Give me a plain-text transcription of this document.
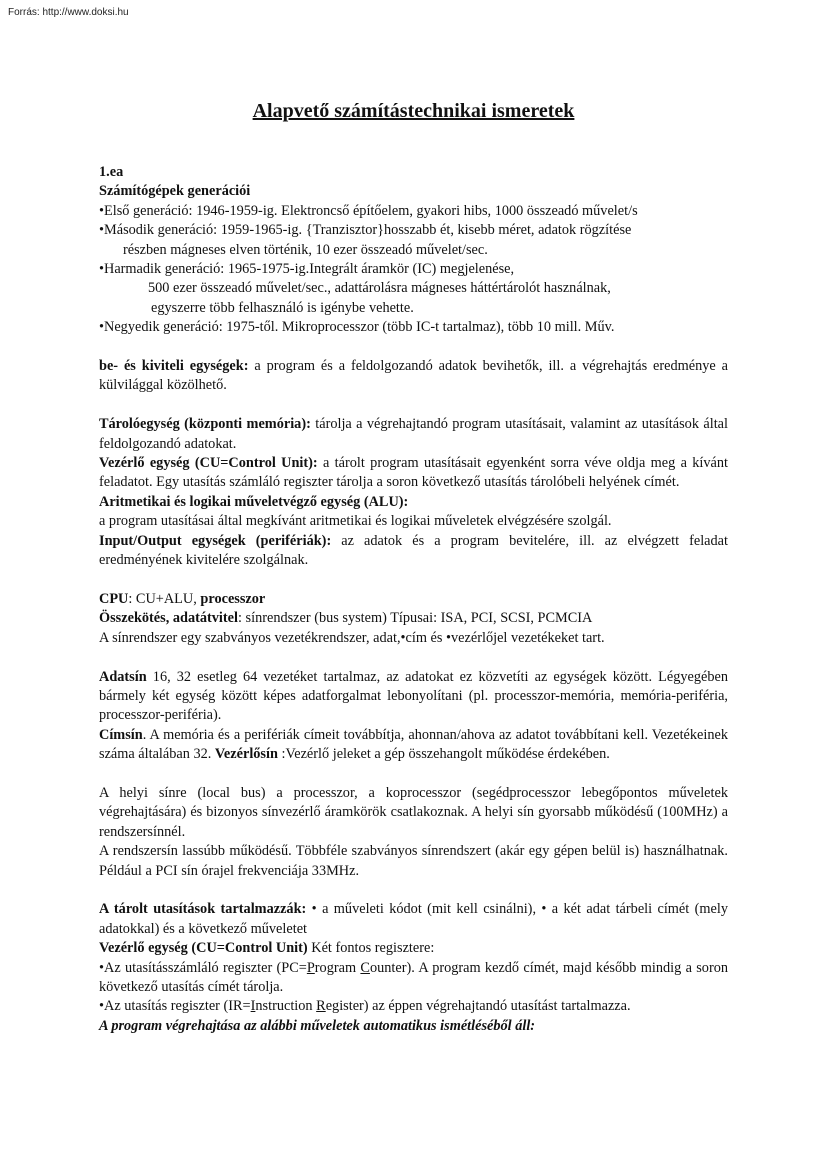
Forrás: http://www.doksi.hu
Alapvető számítástechnikai ismeretek

1.ea

Számítógépek generációi

•Első generáció: 1946-1959-ig. Elektroncső építőelem, gyakori hibs, 1000 összeadó művelet/s

•Második generáció: 1959-1965-ig. {Tranzisztor}hosszabb ét, kisebb méret, adatok rögzítése

részben mágneses elven történik, 10 ezer összeadó művelet/sec.

•Harmadik generáció: 1965-1975-ig.Integrált áramkör (IC) megjelenése,

500 ezer összeadó művelet/sec., adattárolásra mágneses háttértárolót használnak,

egyszerre több felhasználó is igénybe vehette.

•Negyedik generáció: 1975-től. Mikroprocesszor (több IC-t tartalmaz), több 10 mill. Műv.

be- és kiviteli egységek: a program és a feldolgozandó adatok bevihetők, ill. a végrehajtás eredménye a külvilággal közölhető.

Tárolóegység (központi memória): tárolja a végrehajtandó program utasításait, valamint az utasítások által feldolgozandó adatokat.

Vezérlő egység (CU=Control Unit): a tárolt program utasításait egyenként sorra véve oldja meg a kívánt feladatot. Egy utasítás számláló regiszter tárolja a soron következő utasítás tárolóbeli helyének címét.

Aritmetikai és logikai műveletvégző egység (ALU):

a program utasításai által megkívánt aritmetikai és logikai műveletek elvégzésére szolgál.

Input/Output egységek (perifériák): az adatok és a program bevitelére, ill. az elvégzett feladat eredményének kivitelére szolgálnak.

CPU: CU+ALU, processzor

Összekötés, adatátvitel: sínrendszer (bus system) Típusai: ISA, PCI, SCSI, PCMCIA

A sínrendszer egy szabványos vezetékrendszer, adat,•cím és •vezérlőjel vezetékeket tart.

Adatsín 16, 32 esetleg 64 vezetéket tartalmaz, az adatokat ez közvetíti az egységek között. Légyegében bármely két egység között képes adatforgalmat lebonyolítani (pl. processzor-memória, memória-periféria, processzor-periféria).

Címsín. A memória és a perifériák címeit továbbítja, ahonnan/ahova az adatot továbbítani kell. Vezetékeinek száma általában 32. Vezérlősín :Vezérlő jeleket a gép összehangolt működése érdekében.

A helyi sínre (local bus) a processzor, a koprocesszor (segédprocesszor lebegőpontos műveletek végrehajtására) és bizonyos sínvezérlő áramkörök csatlakoznak. A helyi sín gyorsabb működésű (100MHz) a rendszersínnél.

A rendszersín lassúbb működésű. Többféle szabványos sínrendszert (akár egy gépen belül is) használhatnak. Például a PCI sín órajel frekvenciája 33MHz.

A tárolt utasítások tartalmazzák: • a műveleti kódot (mit kell csinálni), • a két adat tárbeli címét (mely adatokkal) és a következő műveletet

Vezérlő egység (CU=Control Unit) Két fontos regisztere:

•Az utasításszámláló regiszter (PC=Program Counter). A program kezdő címét, majd később mindig a soron következő utasítás címét tárolja.

•Az utasítás regiszter (IR=Instruction Register) az éppen végrehajtandó utasítást tartalmazza.

A program végrehajtása az alábbi műveletek automatikus ismétléséből áll:
